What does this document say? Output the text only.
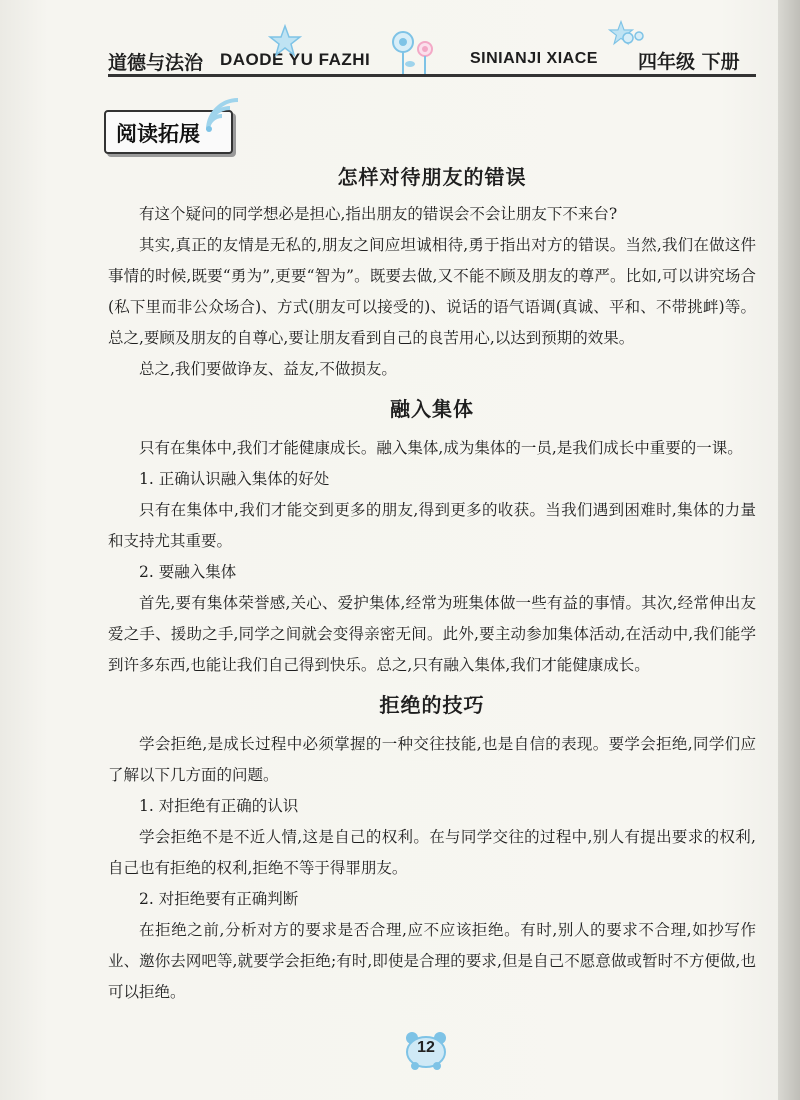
道德与法治 DAODE YU FAZHI	SINIANJI XIACE 四年级 下册
阅读拓展
怎样对待朋友的错误

有这个疑问的同学想必是担心,指出朋友的错误会不会让朋友下不来台?

其实,真正的友情是无私的,朋友之间应坦诚相待,勇于指出对方的错误。当然,我们在做这件事情的时候,既要“勇为”,更要“智为”。既要去做,又不能不顾及朋友的尊严。比如,可以讲究场合(私下里而非公众场合)、方式(朋友可以接受的)、说话的语气语调(真诚、平和、不带挑衅)等。总之,要顾及朋友的自尊心,要让朋友看到自己的良苦用心,以达到预期的效果。

总之,我们要做诤友、益友,不做损友。

融入集体

只有在集体中,我们才能健康成长。融入集体,成为集体的一员,是我们成长中重要的一课。

1. 正确认识融入集体的好处

只有在集体中,我们才能交到更多的朋友,得到更多的收获。当我们遇到困难时,集体的力量和支持尤其重要。

2. 要融入集体

首先,要有集体荣誉感,关心、爱护集体,经常为班集体做一些有益的事情。其次,经常伸出友爱之手、援助之手,同学之间就会变得亲密无间。此外,要主动参加集体活动,在活动中,我们能学到许多东西,也能让我们自己得到快乐。总之,只有融入集体,我们才能健康成长。

拒绝的技巧

学会拒绝,是成长过程中必须掌握的一种交往技能,也是自信的表现。要学会拒绝,同学们应了解以下几方面的问题。

1. 对拒绝有正确的认识

学会拒绝不是不近人情,这是自己的权利。在与同学交往的过程中,别人有提出要求的权利,自己也有拒绝的权利,拒绝不等于得罪朋友。

2. 对拒绝要有正确判断

在拒绝之前,分析对方的要求是否合理,应不应该拒绝。有时,别人的要求不合理,如抄写作业、邀你去网吧等,就要学会拒绝;有时,即使是合理的要求,但是自己不愿意做或暂时不方便做,也可以拒绝。

12
